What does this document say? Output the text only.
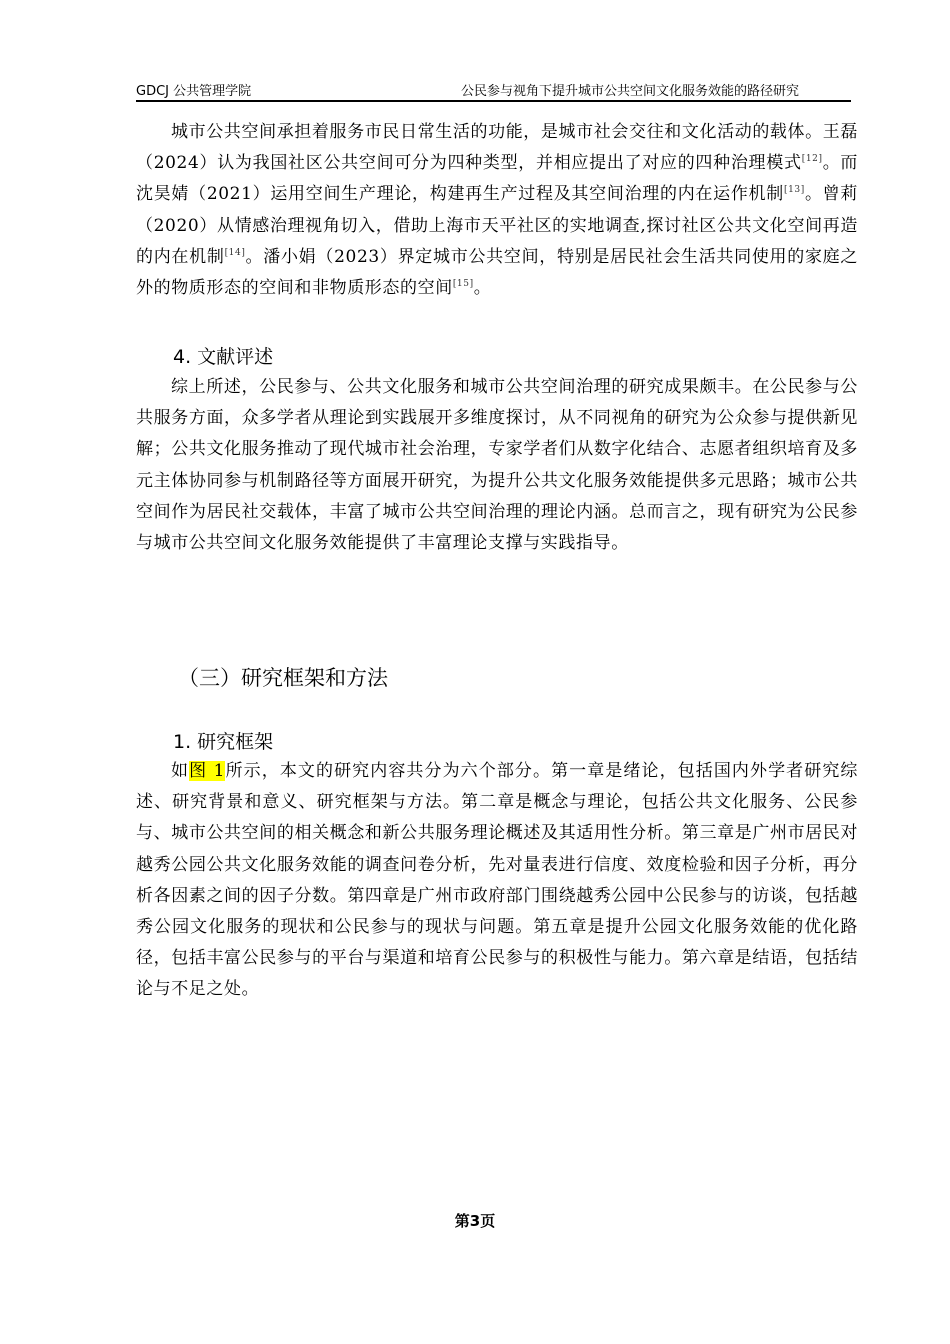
GDCJ 公共管理学院	公民参与视角下提升城市公共空间文化服务效能的路径研究

城市公共空间承担着服务市民日常生活的功能，是城市社会交往和文化活动的载体。王磊（2024）认为我国社区公共空间可分为四种类型，并相应提出了对应的四种治理模式[12]。而沈昊婧（2021）运用空间生产理论，构建再生产过程及其空间治理的内在运作机制[13]。曾莉（2020）从情感治理视角切入，借助上海市天平社区的实地调查,探讨社区公共文化空间再造的内在机制[14]。潘小娟（2023）界定城市公共空间，特别是居民社会生活共同使用的家庭之外的物质形态的空间和非物质形态的空间[15]。

4. 文献评述

综上所述，公民参与、公共文化服务和城市公共空间治理的研究成果颇丰。在公民参与公共服务方面，众多学者从理论到实践展开多维度探讨，从不同视角的研究为公众参与提供新见解；公共文化服务推动了现代城市社会治理，专家学者们从数字化结合、志愿者组织培育及多元主体协同参与机制路径等方面展开研究，为提升公共文化服务效能提供多元思路；城市公共空间作为居民社交载体，丰富了城市公共空间治理的理论内涵。总而言之，现有研究为公民参与城市公共空间文化服务效能提供了丰富理论支撑与实践指导。

（三）研究框架和方法
1. 研究框架

如图 1所示，本文的研究内容共分为六个部分。第一章是绪论，包括国内外学者研究综述、研究背景和意义、研究框架与方法。第二章是概念与理论，包括公共文化服务、公民参与、城市公共空间的相关概念和新公共服务理论概述及其适用性分析。第三章是广州市居民对越秀公园公共文化服务效能的调查问卷分析，先对量表进行信度、效度检验和因子分析，再分析各因素之间的因子分数。第四章是广州市政府部门围绕越秀公园中公民参与的访谈，包括越秀公园文化服务的现状和公民参与的现状与问题。第五章是提升公园文化服务效能的优化路径，包括丰富公民参与的平台与渠道和培育公民参与的积极性与能力。第六章是结语，包括结论与不足之处。

第3页
